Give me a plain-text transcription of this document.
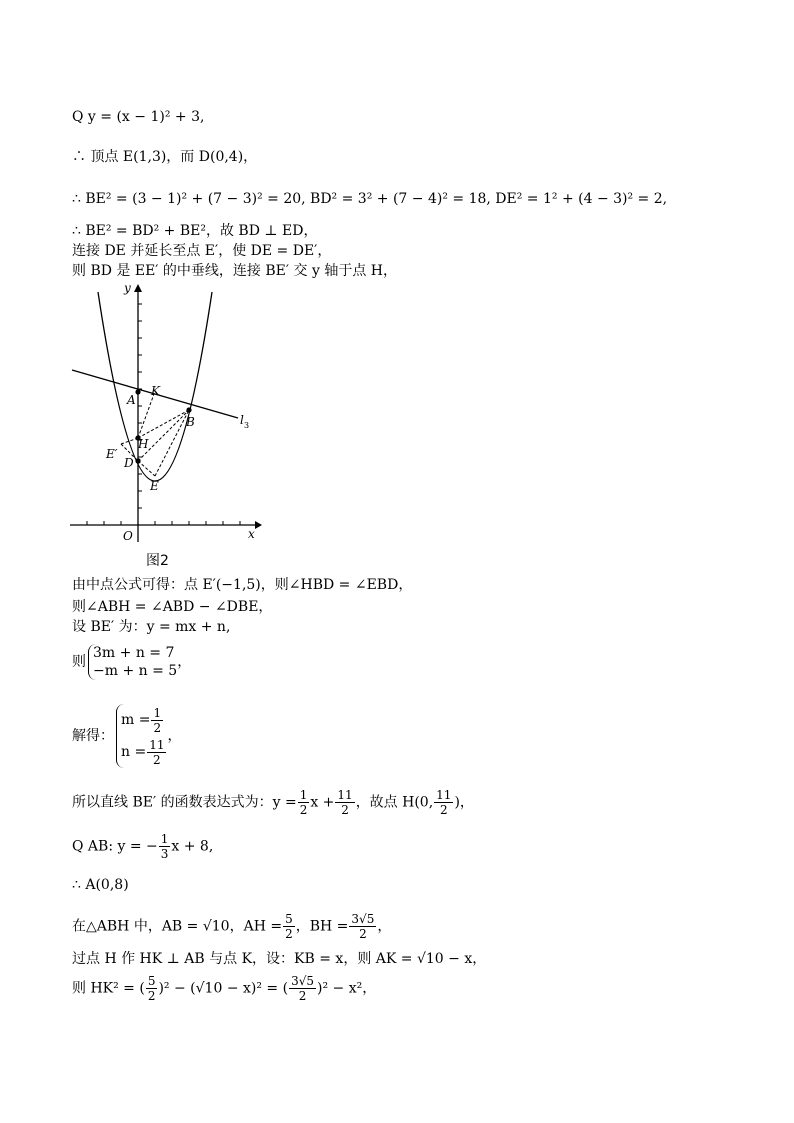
Q y = (x − 1)² + 3,
∴ 顶点 E(1,3)，而 D(0,4)，
∴ BE² = (3 − 1)² + (7 − 3)² = 20, BD² = 3² + (7 − 4)² = 18, DE² = 1² + (4 − 3)² = 2,
∴ BE² = BD² + BE²，故 BD ⊥ ED，
连接 DE 并延长至点 E′，使 DE = DE′，
则 BD 是 EE′ 的中垂线，连接 BE′ 交 y 轴于点 H，
y
x
O
A
K
B	l 3
H
E′
D
E
图2
由中点公式可得：点 E′(−1,5)，则∠HBD = ∠EBD，
则∠ABH = ∠ABD − ∠DBE，
设 BE′ 为：y = mx + n,
则
3m + n = 7
−m + n = 5
，
解得：
$m = \frac{1}{2}$
$n = \frac{11}{2}$
，
所以直线 BE′ 的函数表达式为：$y = \frac{1}{2}$ $x + \frac{11}{2}$ ，故点 H(0, $\frac{11}{2}$ )，
Q AB: y = − $\frac{1}{3}$ x + 8,
∴ A(0,8)
在△ABH 中，AB = √10，AH = $\frac{5}{2}$ ，BH = $\frac{3√5}{2}$ ，
过点 H 作 HK ⊥ AB 与点 K，设：KB = x，则 AK = √10 − x，
则 HK² = ( $\frac{5}{2} )^2 - (√10 - x)^2$ = ( $\frac{3√5}{2} )^2 - x^2$，
